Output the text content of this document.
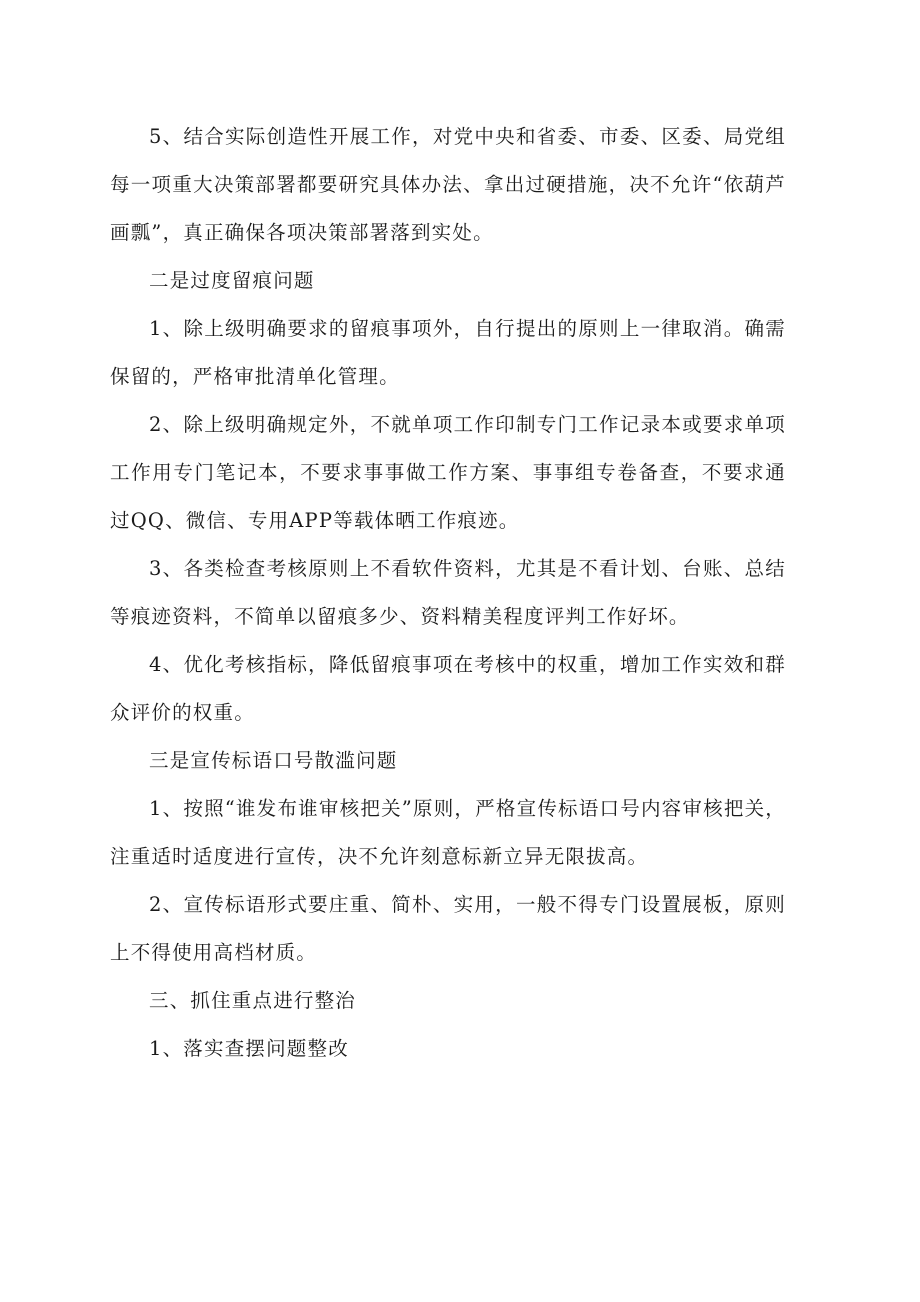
5、结合实际创造性开展工作，对党中央和省委、市委、区委、局党组每一项重大决策部署都要研究具体办法、拿出过硬措施，决不允许“依葫芦画瓢”，真正确保各项决策部署落到实处。

二是过度留痕问题

1、除上级明确要求的留痕事项外，自行提出的原则上一律取消。确需保留的，严格审批清单化管理。

2、除上级明确规定外，不就单项工作印制专门工作记录本或要求单项工作用专门笔记本，不要求事事做工作方案、事事组专卷备查，不要求通过QQ、微信、专用APP等载体晒工作痕迹。

3、各类检查考核原则上不看软件资料，尤其是不看计划、台账、总结等痕迹资料，不简单以留痕多少、资料精美程度评判工作好坏。

4、优化考核指标，降低留痕事项在考核中的权重，增加工作实效和群众评价的权重。

三是宣传标语口号散滥问题

1、按照“谁发布谁审核把关”原则，严格宣传标语口号内容审核把关，注重适时适度进行宣传，决不允许刻意标新立异无限拔高。

2、宣传标语形式要庄重、简朴、实用，一般不得专门设置展板，原则上不得使用高档材质。

三、抓住重点进行整治

1、落实查摆问题整改
